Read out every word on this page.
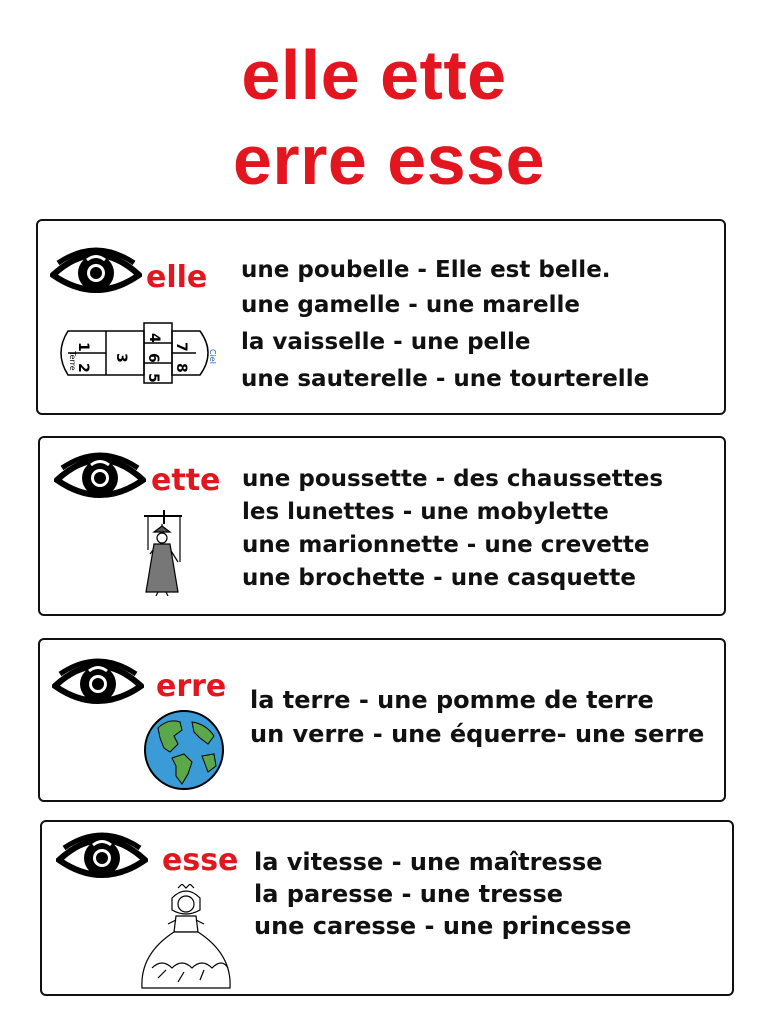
elle ette
erre esse
elle
1
2
3
4
5
6
7
8
Terre	Ciel
une poubelle - Elle est belle.
une gamelle - une marelle
la vaisselle - une pelle
une sauterelle - une tourterelle
ette une poussette - des chaussettes
les lunettes - une mobylette
une marionnette - une crevette
une brochette - une casquette
erre la terre - une pomme de terre
un verre - une équerre- une serre
esse la vitesse - une maîtresse
la paresse - une tresse
une caresse - une princesse
